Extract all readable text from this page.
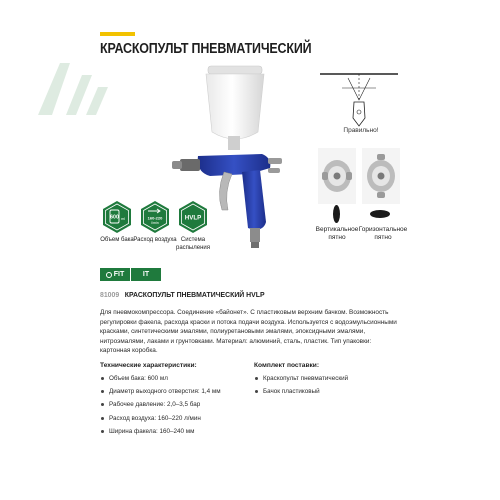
КРАСКОПУЛЬТ ПНЕВМАТИЧЕСКИЙ
Правильно!
Вертикальное пятно
Горизонтальное пятно
600 ml	160-220
l/min
HVLP
Объем бака Расход воздуха Система распыления
FIT	IT
81009 КРАСКОПУЛЬТ ПНЕВМАТИЧЕСКИЙ HVLP
Для пневмокомпрессора. Соединение «байонет». С пластиковым верхним бачком. Возможность регулировки факела, расхода краски и потока подачи воздуха. Используется с водоэмульсионными красками, синтетическими эмалями, полиуретановыми эмалями, эпоксидными эмалями, нитроэмалями, лаками и грунтовками. Материал: алюминий, сталь, пластик. Тип упаковки: картонная коробка.
Технические характеристики:
Объем бака: 600 мл
Диаметр выходного отверстия: 1,4 мм
Рабочее давление: 2,0–3,5 бар
Расход воздуха: 160–220 л/мин
Ширина факела: 160–240 мм
Комплект поставки:
Краскопульт пневматический
Бачок пластиковый
